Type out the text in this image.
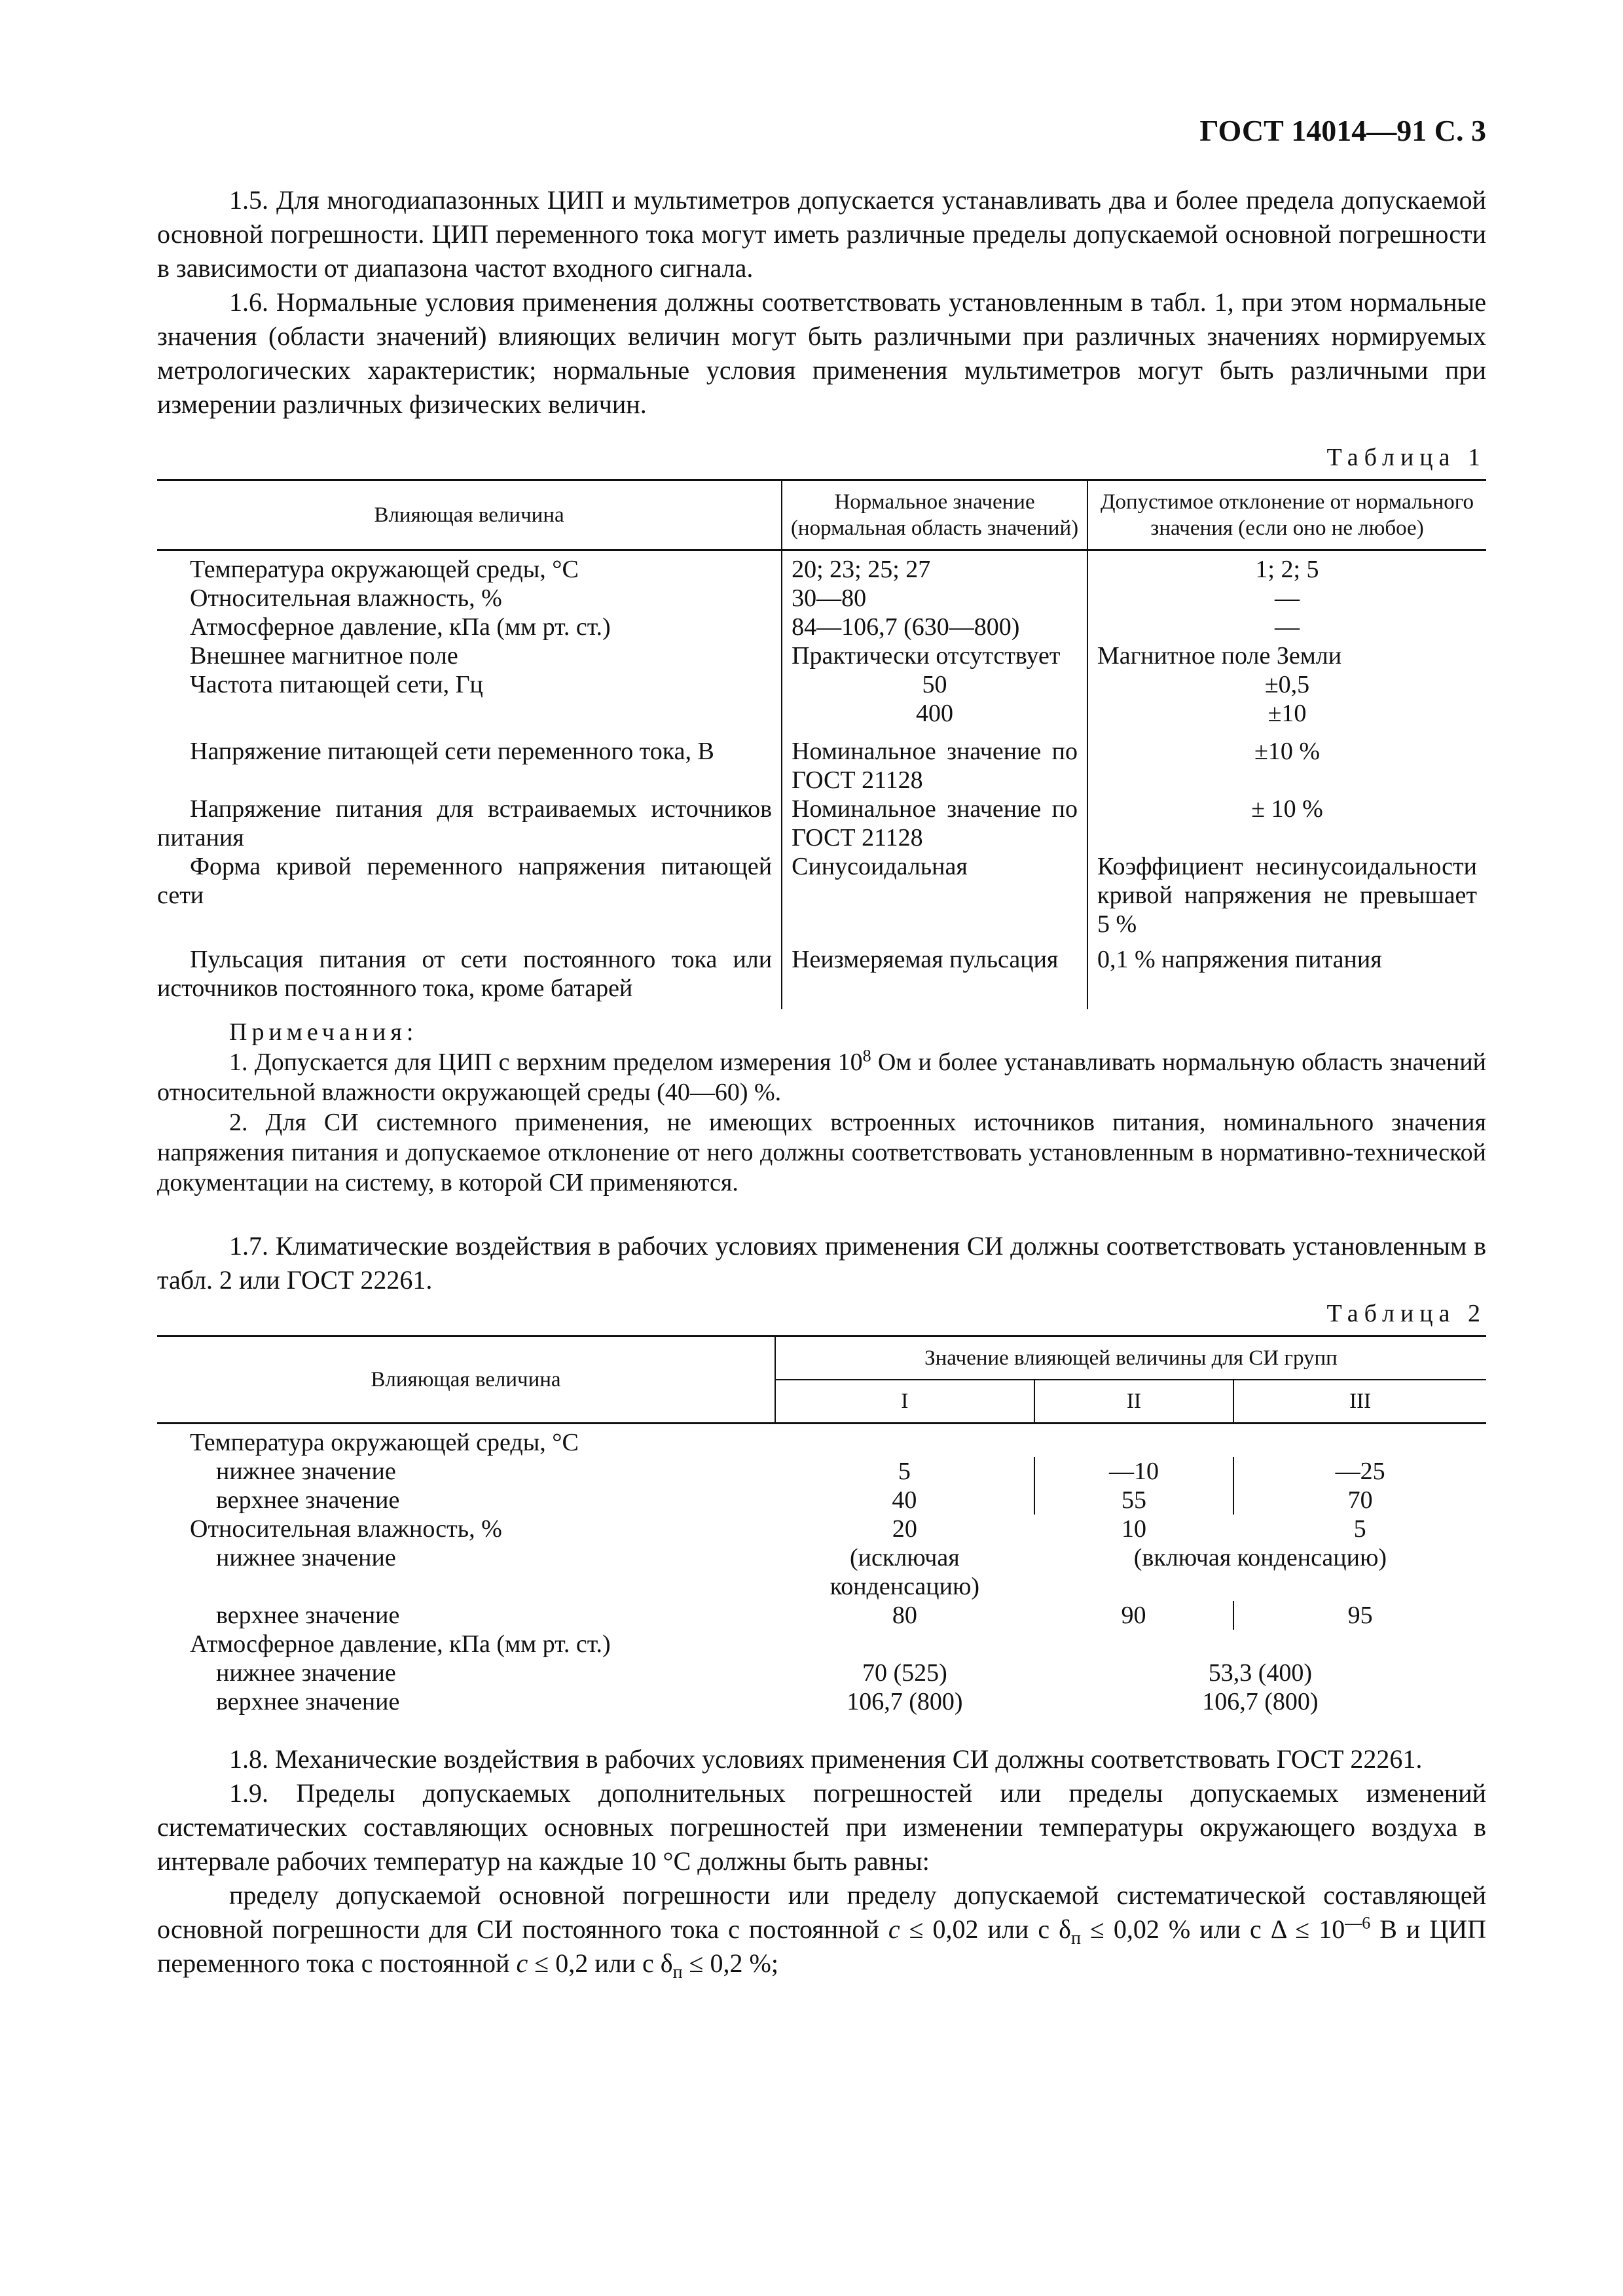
ГОСТ 14014—91 С. 3

1.5. Для многодиапазонных ЦИП и мультиметров допускается устанавливать два и более предела допускаемой основной погрешности. ЦИП переменного тока могут иметь различные пределы допускаемой основной погрешности в зависимости от диапазона частот входного сигнала.

1.6. Нормальные условия применения должны соответствовать установленным в табл. 1, при этом нормальные значения (области значений) влияющих величин могут быть различными при различных значениях нормируемых метрологических характеристик; нормальные условия применения мультиметров могут быть различными при измерении различных физических величин.

Таблица 1

Влияющая величина	Нормальное значение (нормальная область значений)	Допустимое отклонение от нормального значения (если оно не любое)
Температура окружающей среды, °С	20; 23; 25; 27	1; 2; 5
Относительная влажность, %	30—80	—
Атмосферное давление, кПа (мм рт. ст.)	84—106,7 (630—800)	—
Внешнее магнитное поле	Практически отсутствует	Магнитное поле Земли
Частота питающей сети, Гц	50	±0,5
	400	±10
Напряжение питающей сети переменного тока, В	Номинальное значение по ГОСТ 21128	±10 %
Напряжение питания для встраиваемых источников питания	Номинальное значение по ГОСТ 21128	± 10 %
Форма кривой переменного напряжения питающей сети	Синусоидальная	Коэффициент несинусоидальности кривой напряжения не превышает 5 %
Пульсация питания от сети постоянного тока или источников постоянного тока, кроме батарей	Неизмеряемая пульсация	0,1 % напряжения питания

Примечания:

1. Допускается для ЦИП с верхним пределом измерения $10^8$ Ом и более устанавливать нормальную область значений относительной влажности окружающей среды (40—60) %.

2. Для СИ системного применения, не имеющих встроенных источников питания, номинального значения напряжения питания и допускаемое отклонение от него должны соответствовать установленным в нормативно-технической документации на систему, в которой СИ применяются.

1.7. Климатические воздействия в рабочих условиях применения СИ должны соответствовать установленным в табл. 2 или ГОСТ 22261.

Таблица 2

Влияющая величина	Значение влияющей величины для СИ групп		
	I	II	III
Температура окружающей среды, °С			
нижнее значение	5	—10	—25
верхнее значение	40	55	70
Относительная влажность, %	20	10	5
нижнее значение	(исключая конденсацию)	(включая конденсацию)	
верхнее значение	80	90	95
Атмосферное давление, кПа (мм рт. ст.)			
нижнее значение	70 (525)	53,3 (400)	
верхнее значение	106,7 (800)	106,7 (800)	

1.8. Механические воздействия в рабочих условиях применения СИ должны соответствовать ГОСТ 22261.

1.9. Пределы допускаемых дополнительных погрешностей или пределы допускаемых изменений систематических составляющих основных погрешностей при изменении температуры окружающего воздуха в интервале рабочих температур на каждые 10 °С должны быть равны:

пределу допускаемой основной погрешности или пределу допускаемой систематической составляющей основной погрешности для СИ постоянного тока с постоянной c ≤ 0,02 или с $\delta_п \le 0,02$ % или с $\Delta \le 10^{—6}$ В и ЦИП переменного тока с постоянной c ≤ 0,2 или с $\delta_п \le 0,2$ %;
